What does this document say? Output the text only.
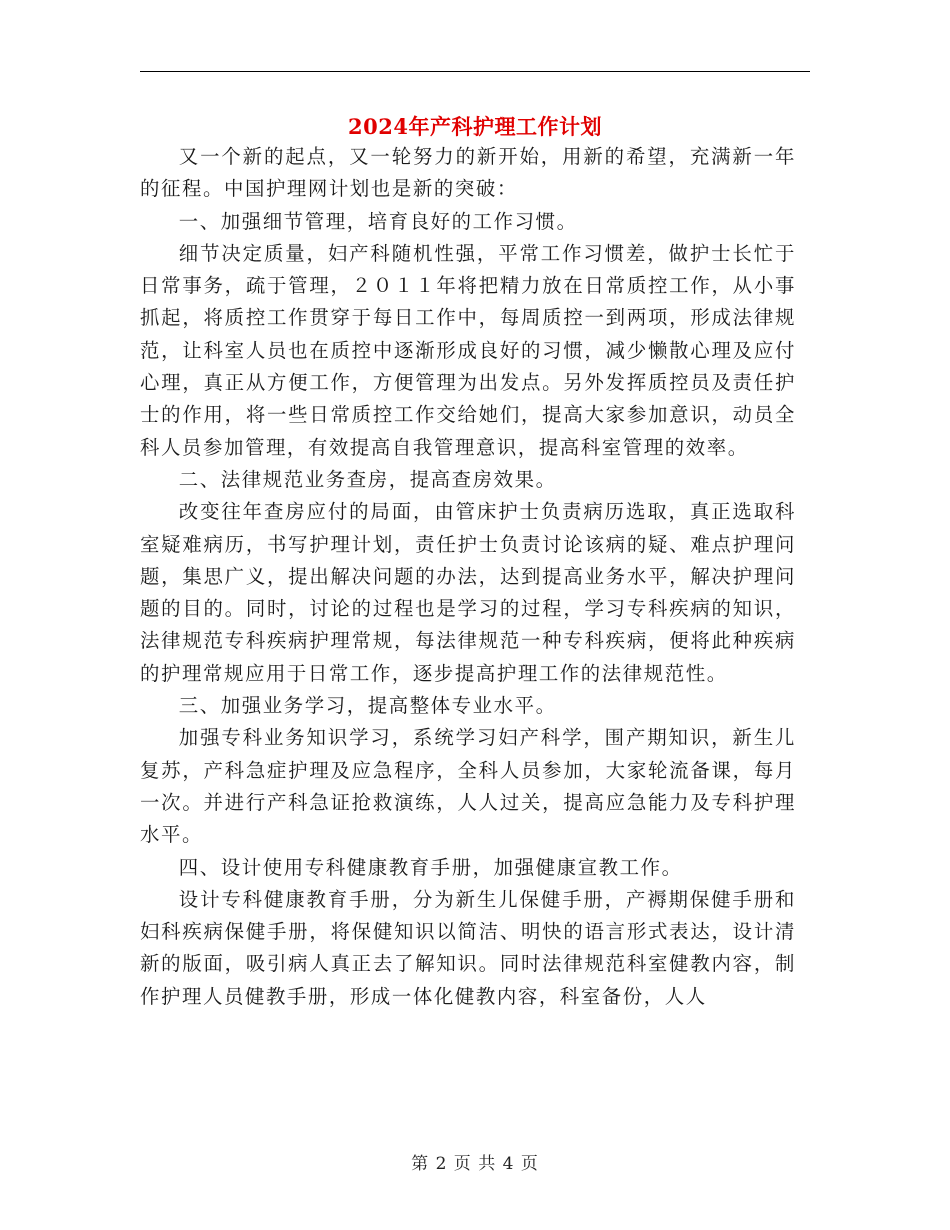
2024年产科护理工作计划

又一个新的起点，又一轮努力的新开始，用新的希望，充满新一年的征程。中国护理网计划也是新的突破：

一、加强细节管理，培育良好的工作习惯。

细节决定质量，妇产科随机性强，平常工作习惯差，做护士长忙于日常事务，疏于管理，２０１１年将把精力放在日常质控工作，从小事抓起，将质控工作贯穿于每日工作中，每周质控一到两项，形成法律规范，让科室人员也在质控中逐渐形成良好的习惯，减少懒散心理及应付心理，真正从方便工作，方便管理为出发点。另外发挥质控员及责任护士的作用，将一些日常质控工作交给她们，提高大家参加意识，动员全科人员参加管理，有效提高自我管理意识，提高科室管理的效率。

二、法律规范业务查房，提高查房效果。

改变往年查房应付的局面，由管床护士负责病历选取，真正选取科室疑难病历，书写护理计划，责任护士负责讨论该病的疑、难点护理问题，集思广义，提出解决问题的办法，达到提高业务水平，解决护理问题的目的。同时，讨论的过程也是学习的过程，学习专科疾病的知识，法律规范专科疾病护理常规，每法律规范一种专科疾病，便将此种疾病的护理常规应用于日常工作，逐步提高护理工作的法律规范性。

三、加强业务学习，提高整体专业水平。

加强专科业务知识学习，系统学习妇产科学，围产期知识，新生儿复苏，产科急症护理及应急程序，全科人员参加，大家轮流备课，每月一次。并进行产科急证抢救演练，人人过关，提高应急能力及专科护理水平。

四、设计使用专科健康教育手册，加强健康宣教工作。

设计专科健康教育手册，分为新生儿保健手册，产褥期保健手册和妇科疾病保健手册，将保健知识以简洁、明快的语言形式表达，设计清新的版面，吸引病人真正去了解知识。同时法律规范科室健教内容，制作护理人员健教手册，形成一体化健教内容，科室备份，人人

第 2 页 共 4 页
